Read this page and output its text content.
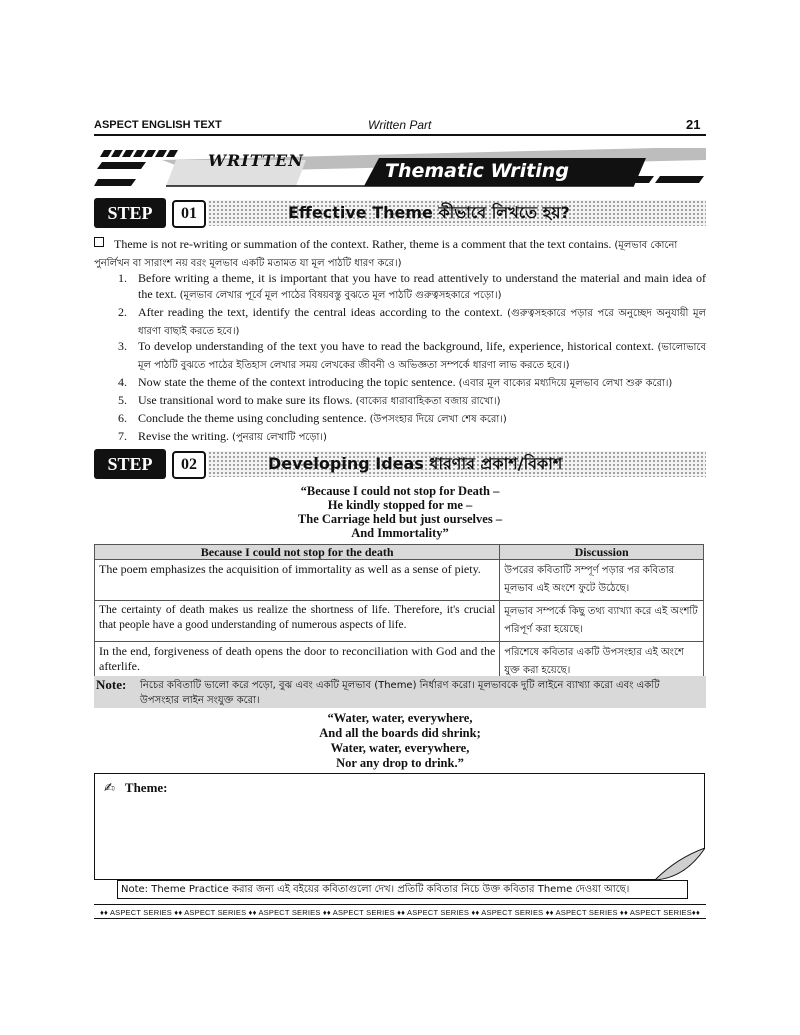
ASPECT ENGLISH TEXT	Written Part	21
WRITTEN	Thematic Writing
STEP	01	Effective Theme কীভাবে লিখতে হয়?
Theme is not re-writing or summation of the context. Rather, theme is a comment that the text contains. (মূলভাব কোনো পুনর্লিখন বা সারাংশ নয় বরং মূলভাব একটি মতামত যা মূল পাঠটি ধারণ করে।)
1. Before writing a theme, it is important that you have to read attentively to understand the material and main idea of the text. (মূলভাব লেখার পূর্বে মূল পাঠের বিষয়বস্তু বুঝতে মূল পাঠটি গুরুত্বসহকারে পড়ো।)
2. After reading the text, identify the central ideas according to the context. (গুরুত্বসহকারে পড়ার পরে অনুচ্ছেদ অনুযায়ী মূল ধারণা বাছাই করতে হবে।)
3. To develop understanding of the text you have to read the background, life, experience, historical context. (ভালোভাবে মূল পাঠটি বুঝতে পাঠের ইতিহাস লেখার সময় লেখকের জীবনী ও অভিজ্ঞতা সম্পর্কে ধারণা লাভ করতে হবে।)
4. Now state the theme of the context introducing the topic sentence. (এবার মূল বাক্যের মধ্যদিয়ে মূলভাব লেখা শুরু করো।)
5. Use transitional word to make sure its flows. (বাক্যের ধারাবাহিকতা বজায় রাখো।)
6. Conclude the theme using concluding sentence. (উপসংহার দিয়ে লেখা শেষ করো।)
7. Revise the writing. (পুনরায় লেখাটি পড়ো।)
STEP	02	Developing Ideas ধারণার প্রকাশ/বিকাশ
“Because I could not stop for Death –
He kindly stopped for me –
The Carriage held but just ourselves –
And Immortality”
Because I could not stop for the death	Discussion
The poem emphasizes the acquisition of immortality as well as a sense of piety.	উপরের কবিতাটি সম্পূর্ণ পড়ার পর কবিতার মূলভাব এই অংশে ফুটে উঠেছে।
The certainty of death makes us realize the shortness of life. Therefore, it's crucial that people have a good understanding of numerous aspects of life.	মূলভাব সম্পর্কে কিছু তথ্য ব্যাখ্যা করে এই অংশটি পরিপূর্ণ করা হয়েছে।
In the end, forgiveness of death opens the door to reconciliation with God and the afterlife.	পরিশেষে কবিতার একটি উপসংহার এই অংশে যুক্ত করা হয়েছে।
Note: নিচের কবিতাটি ভালো করে পড়ো, বুঝ এবং একটি মূলভাব (Theme) নির্ধারণ করো। মূলভাবকে দুটি লাইনে ব্যাখ্যা করো এবং একটি উপসংহার লাইন সংযুক্ত করো।
“Water, water, everywhere,
And all the boards did shrink;
Water, water, everywhere,
Nor any drop to drink.”
✍ Theme:
Note: Theme Practice করার জন্য এই বইয়ের কবিতাগুলো দেখ। প্রতিটি কবিতার নিচে উক্ত কবিতার Theme দেওয়া আছে।
♦♦ ASPECT SERIES ♦♦ ASPECT SERIES ♦♦ ASPECT SERIES ♦♦ ASPECT SERIES ♦♦ ASPECT SERIES ♦♦ ASPECT SERIES ♦♦ ASPECT SERIES ♦♦ ASPECT SERIES♦♦
